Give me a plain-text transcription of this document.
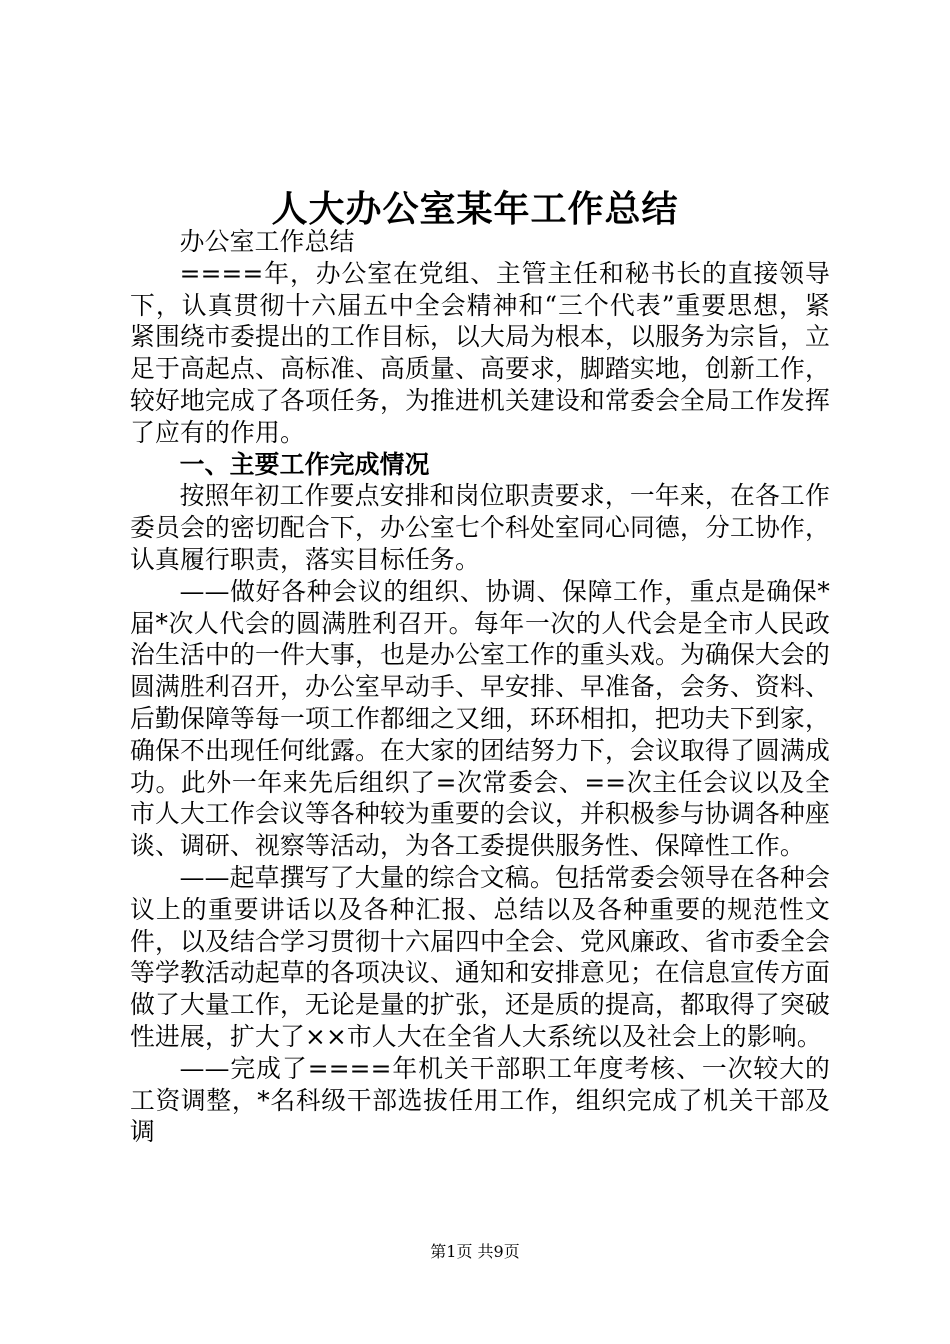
人大办公室某年工作总结

办公室工作总结

====年，办公室在党组、主管主任和秘书长的直接领导下，认真贯彻十六届五中全会精神和“三个代表”重要思想，紧紧围绕市委提出的工作目标，以大局为根本，以服务为宗旨，立足于高起点、高标准、高质量、高要求，脚踏实地，创新工作，较好地完成了各项任务，为推进机关建设和常委会全局工作发挥了应有的作用。

一、主要工作完成情况

按照年初工作要点安排和岗位职责要求，一年来，在各工作委员会的密切配合下，办公室七个科处室同心同德，分工协作，认真履行职责，落实目标任务。

——做好各种会议的组织、协调、保障工作，重点是确保*届*次人代会的圆满胜利召开。每年一次的人代会是全市人民政治生活中的一件大事，也是办公室工作的重头戏。为确保大会的圆满胜利召开，办公室早动手、早安排、早准备，会务、资料、后勤保障等每一项工作都细之又细，环环相扣，把功夫下到家，确保不出现任何纰露。在大家的团结努力下，会议取得了圆满成功。此外一年来先后组织了=次常委会、==次主任会议以及全市人大工作会议等各种较为重要的会议，并积极参与协调各种座谈、调研、视察等活动，为各工委提供服务性、保障性工作。

——起草撰写了大量的综合文稿。包括常委会领导在各种会议上的重要讲话以及各种汇报、总结以及各种重要的规范性文件，以及结合学习贯彻十六届四中全会、党风廉政、省市委全会等学教活动起草的各项决议、通知和安排意见；在信息宣传方面做了大量工作，无论是量的扩张，还是质的提高，都取得了突破性进展，扩大了××市人大在全省人大系统以及社会上的影响。

——完成了====年机关干部职工年度考核、一次较大的工资调整，*名科级干部选拔任用工作，组织完成了机关干部及调

第1页 共9页
